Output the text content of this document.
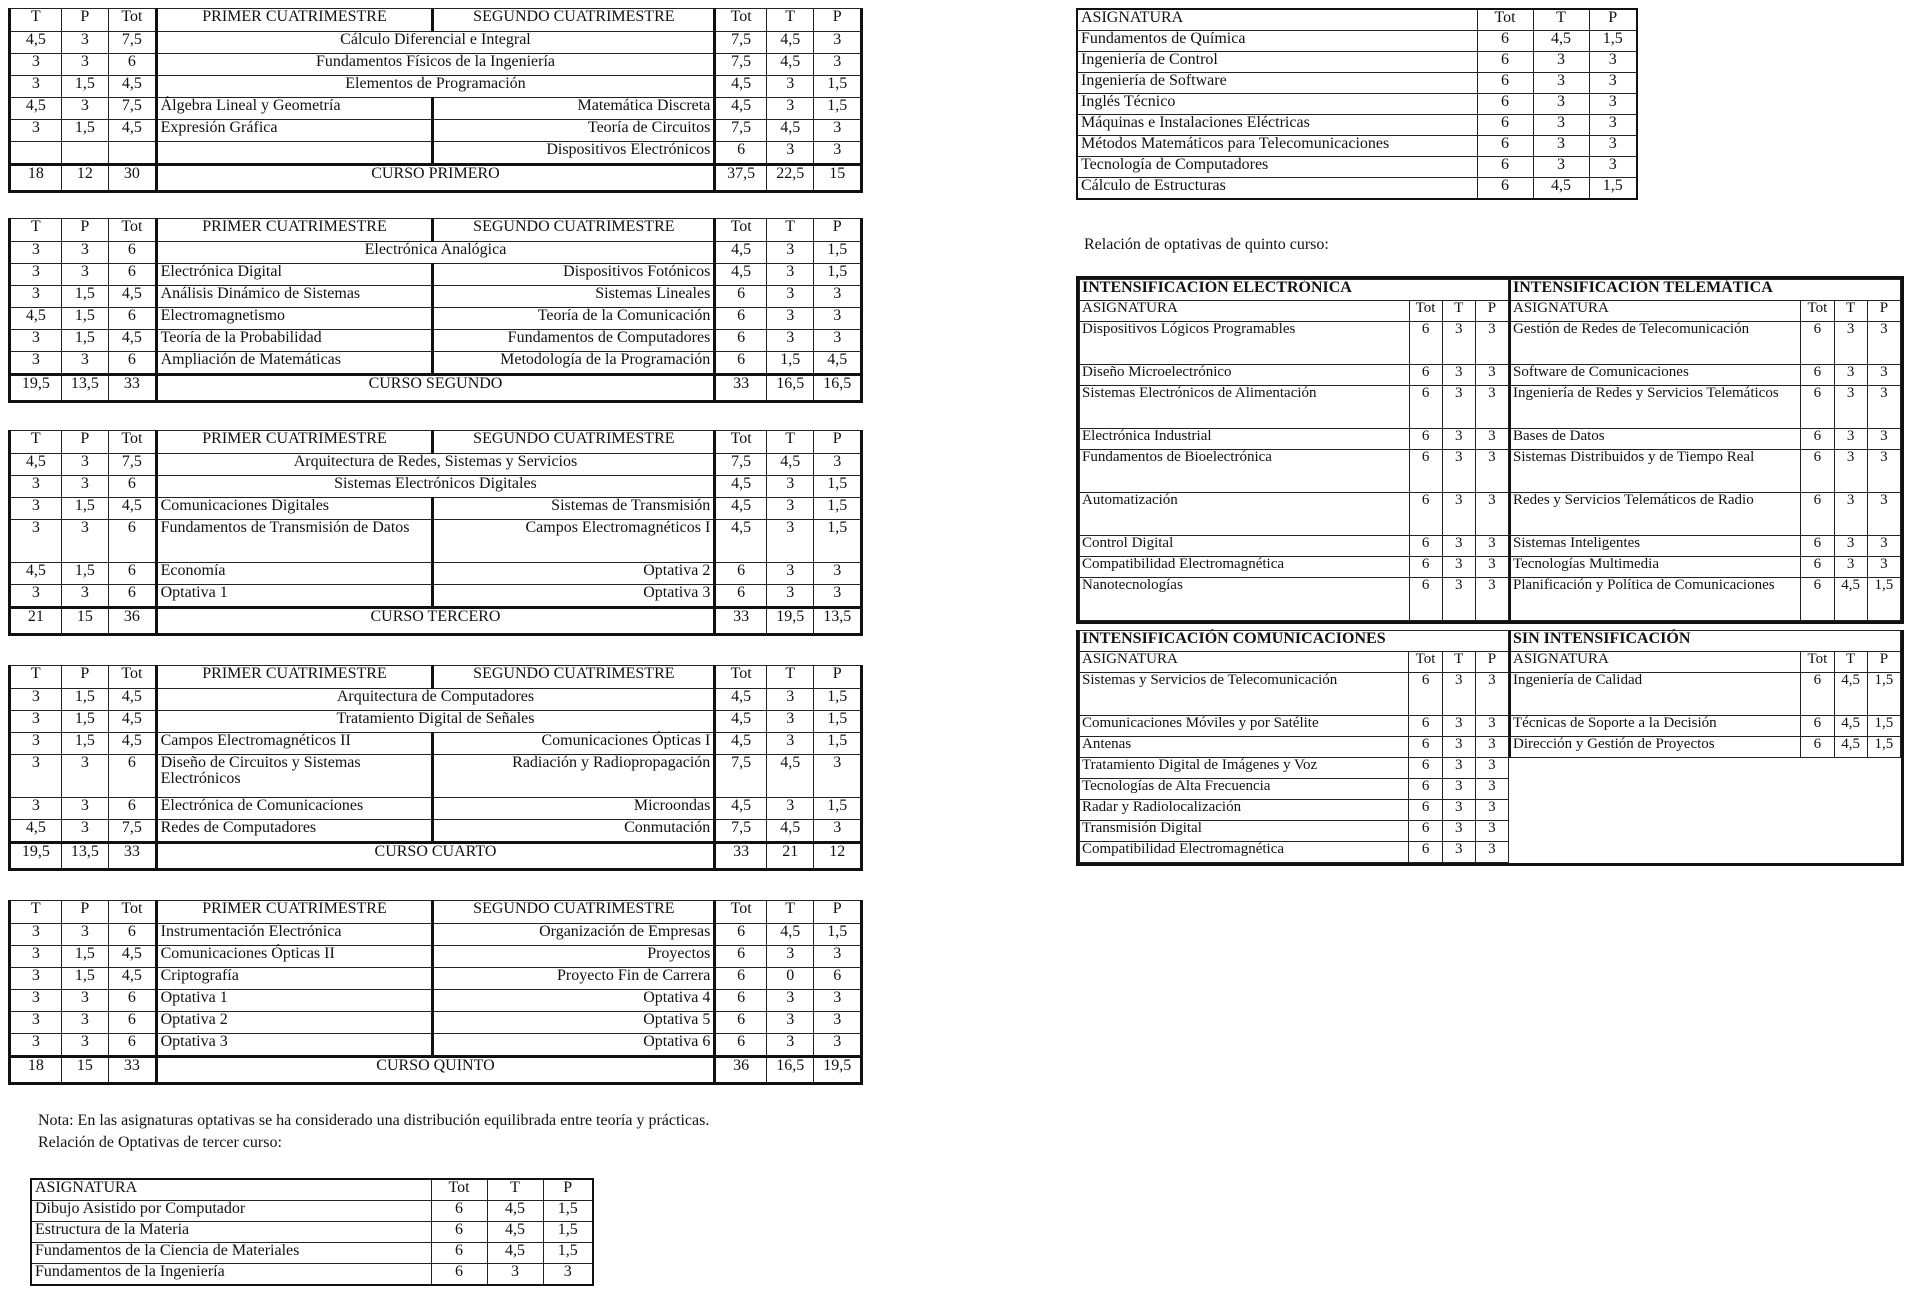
T	P	Tot	PRIMER CUATRIMESTRE	SEGUNDO CUATRIMESTRE	Tot	T	P
4,5	3	7,5	Cálculo Diferencial e Integral		7,5	4,5	3
3	3	6	Fundamentos Físicos de la Ingeniería		7,5	4,5	3
3	1,5	4,5	Elementos de Programación		4,5	3	1,5
4,5	3	7,5	Álgebra Lineal y Geometría	Matemática Discreta	4,5	3	1,5
3	1,5	4,5	Expresión Gráfica	Teoría de Circuitos	7,5	4,5	3
				Dispositivos Electrónicos	6	3	3
18	12	30	CURSO PRIMERO		37,5	22,5	15
T	P	Tot	PRIMER CUATRIMESTRE	SEGUNDO CUATRIMESTRE	Tot	T	P
3	3	6	Electrónica Analógica		4,5	3	1,5
3	3	6	Electrónica Digital	Dispositivos Fotónicos	4,5	3	1,5
3	1,5	4,5	Análisis Dinámico de Sistemas	Sistemas Lineales	6	3	3
4,5	1,5	6	Electromagnetismo	Teoría de la Comunicación	6	3	3
3	1,5	4,5	Teoría de la Probabilidad	Fundamentos de Computadores	6	3	3
3	3	6	Ampliación de Matemáticas	Metodología de la Programación	6	1,5	4,5
19,5	13,5	33	CURSO SEGUNDO		33	16,5	16,5
T	P	Tot	PRIMER CUATRIMESTRE	SEGUNDO CUATRIMESTRE	Tot	T	P
4,5	3	7,5	Arquitectura de Redes, Sistemas y Servicios		7,5	4,5	3
3	3	6	Sistemas Electrónicos Digitales		4,5	3	1,5
3	1,5	4,5	Comunicaciones Digitales	Sistemas de Transmisión	4,5	3	1,5
3	3	6	Fundamentos de Transmisión de Datos	Campos Electromagnéticos I	4,5	3	1,5
4,5	1,5	6	Economía	Optativa 2	6	3	3
3	3	6	Optativa 1	Optativa 3	6	3	3
21	15	36	CURSO TERCERO		33	19,5	13,5
T	P	Tot	PRIMER CUATRIMESTRE	SEGUNDO CUATRIMESTRE	Tot	T	P
3	1,5	4,5	Arquitectura de Computadores		4,5	3	1,5
3	1,5	4,5	Tratamiento Digital de Señales		4,5	3	1,5
3	1,5	4,5	Campos Electromagnéticos II	Comunicaciones Ópticas I	4,5	3	1,5
3	3	6	Diseño de Circuitos y Sistemas Electrónicos	Radiación y Radiopropagación	7,5	4,5	3
3	3	6	Electrónica de Comunicaciones	Microondas	4,5	3	1,5
4,5	3	7,5	Redes de Computadores	Conmutación	7,5	4,5	3
19,5	13,5	33	CURSO CUARTO		33	21	12
T	P	Tot	PRIMER CUATRIMESTRE	SEGUNDO CUATRIMESTRE	Tot	T	P
3	3	6	Instrumentación Electrónica	Organización de Empresas	6	4,5	1,5
3	1,5	4,5	Comunicaciones Ópticas II	Proyectos	6	3	3
3	1,5	4,5	Criptografía	Proyecto Fin de Carrera	6	0	6
3	3	6	Optativa 1	Optativa 4	6	3	3
3	3	6	Optativa 2	Optativa 5	6	3	3
3	3	6	Optativa 3	Optativa 6	6	3	3
18	15	33	CURSO QUINTO		36	16,5	19,5
Nota: En las asignaturas optativas se ha considerado una distribución equilibrada entre teoría y prácticas.
Relación de Optativas de tercer curso:
ASIGNATURA	Tot	T	P
Dibujo Asistido por Computador	6	4,5	1,5
Estructura de la Materia	6	4,5	1,5
Fundamentos de la Ciencia de Materiales	6	4,5	1,5
Fundamentos de la Ingeniería	6	3	3
ASIGNATURA	Tot	T	P
Fundamentos de Química	6	4,5	1,5
Ingeniería de Control	6	3	3
Ingeniería de Software	6	3	3
Inglés Técnico	6	3	3
Máquinas e Instalaciones Eléctricas	6	3	3
Métodos Matemáticos para Telecomunicaciones	6	3	3
Tecnología de Computadores	6	3	3
Cálculo de Estructuras	6	4,5	1,5
Relación de optativas de quinto curso:
INTENSIFICACIÓN ELECTRÓNICA			
ASIGNATURA	Tot	T	P
Dispositivos Lógicos Programables	6	3	3
Diseño Microelectrónico	6	3	3
Sistemas Electrónicos de Alimentación	6	3	3
Electrónica Industrial	6	3	3
Fundamentos de Bioelectrónica	6	3	3
Automatización	6	3	3
Control Digital	6	3	3
Compatibilidad Electromagnética	6	3	3
Nanotecnologías	6	3	3
INTENSIFICACIÓN TELEMÁTICA			
ASIGNATURA	Tot	T	P
Gestión de Redes de Telecomunicación	6	3	3
Software de Comunicaciones	6	3	3
Ingeniería de Redes y Servicios Telemáticos	6	3	3
Bases de Datos	6	3	3
Sistemas Distribuidos y de Tiempo Real	6	3	3
Redes y Servicios Telemáticos de Radio	6	3	3
Sistemas Inteligentes	6	3	3
Tecnologías Multimedia	6	3	3
Planificación y Política de Comunicaciones	6	4,5	1,5
INTENSIFICACIÓN COMUNICACIONES			
ASIGNATURA	Tot	T	P
Sistemas y Servicios de Telecomunicación	6	3	3
Comunicaciones Móviles y por Satélite	6	3	3
Antenas	6	3	3
Tratamiento Digital de Imágenes y Voz	6	3	3
Tecnologías de Alta Frecuencia	6	3	3
Radar y Radiolocalización	6	3	3
Transmisión Digital	6	3	3
Compatibilidad Electromagnética	6	3	3
SIN INTENSIFICACIÓN			
ASIGNATURA	Tot	T	P
Ingeniería de Calidad	6	4,5	1,5
Técnicas de Soporte a la Decisión	6	4,5	1,5
Dirección y Gestión de Proyectos	6	4,5	1,5
